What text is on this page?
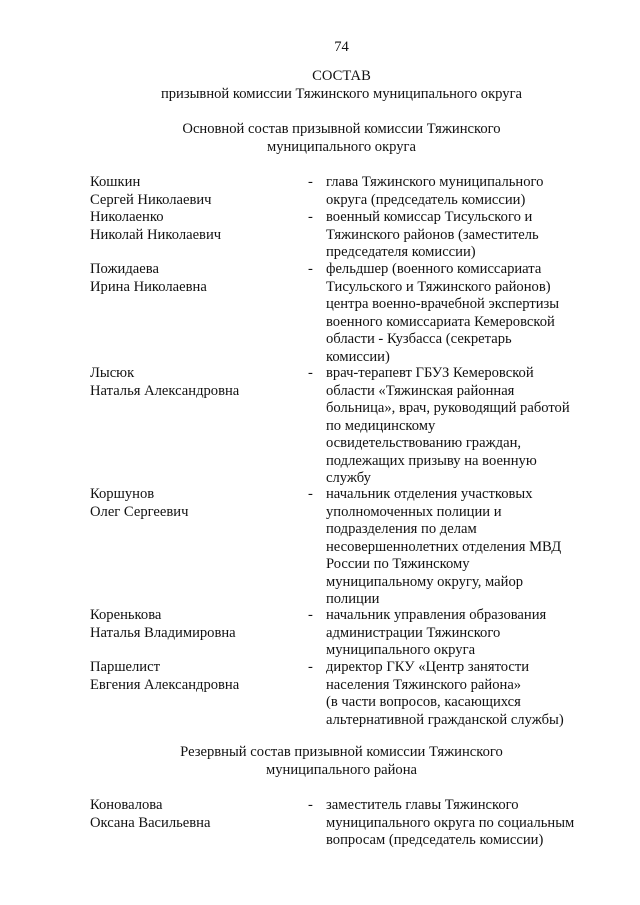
74
СОСТАВ
призывной комиссии Тяжинского муниципального округа
Основной состав призывной комиссии Тяжинского
муниципального округа
Кошкин
Сергей Николаевич
- глава Тяжинского муниципального
округа (председатель комиссии)
Николаенко
Николай Николаевич
- военный комиссар Тисульского и
Тяжинского районов (заместитель
председателя комиссии)
Пожидаева
Ирина Николаевна
- фельдшер (военного комиссариата
Тисульского и Тяжинского районов)
центра военно-врачебной экспертизы
военного комиссариата Кемеровской
области - Кузбасса (секретарь
комиссии)
Лысюк
Наталья Александровна
- врач-терапевт ГБУЗ Кемеровской
области «Тяжинская районная
больница», врач, руководящий работой
по медицинскому
освидетельствованию граждан,
подлежащих призыву на военную
службу
Коршунов
Олег Сергеевич
- начальник отделения участковых
уполномоченных полиции и
подразделения по делам
несовершеннолетних отделения МВД
России по Тяжинскому
муниципальному округу, майор
полиции
Коренькова
Наталья Владимировна
- начальник управления образования
администрации Тяжинского
муниципального округа
Паршелист
Евгения Александровна
- директор ГКУ «Центр занятости
населения Тяжинского района»
(в части вопросов, касающихся
альтернативной гражданской службы)
Резервный состав призывной комиссии Тяжинского
муниципального района
Коновалова
Оксана Васильевна
- заместитель главы Тяжинского
муниципального округа по социальным
вопросам (председатель комиссии)
